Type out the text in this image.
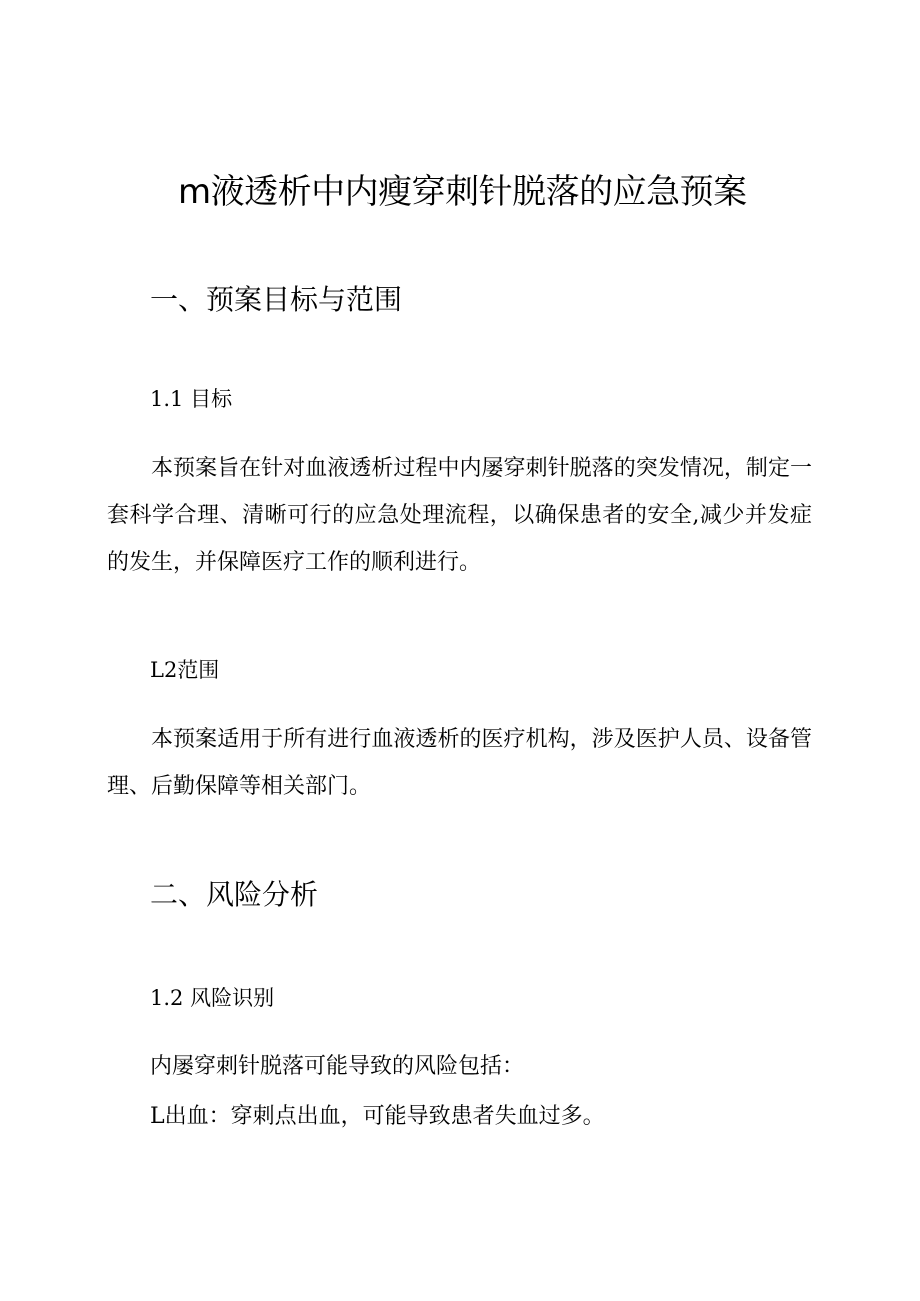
m液透析中内瘦穿刺针脱落的应急预案
一、预案目标与范围
1.1 目标
本预案旨在针对血液透析过程中内屡穿刺针脱落的突发情况，制定一套科学合理、清晰可行的应急处理流程，以确保患者的安全,减少并发症的发生，并保障医疗工作的顺利进行。
L2范围
本预案适用于所有进行血液透析的医疗机构，涉及医护人员、设备管理、后勤保障等相关部门。
二、风险分析
1.2 风险识别
内屡穿刺针脱落可能导致的风险包括：
L出血：穿刺点出血，可能导致患者失血过多。
